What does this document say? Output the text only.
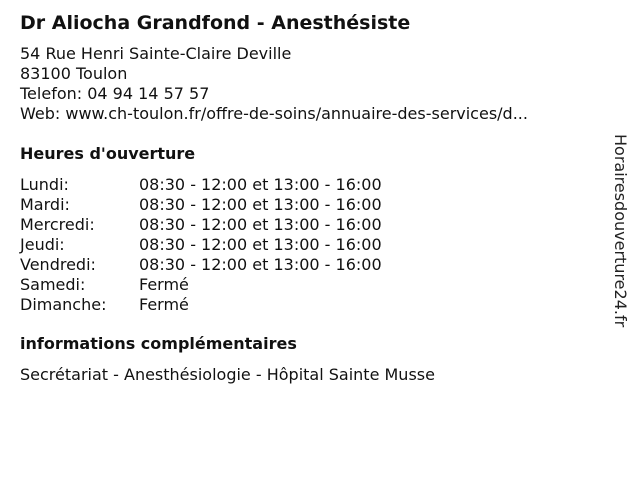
Dr Aliocha Grandfond - Anesthésiste
54 Rue Henri Sainte-Claire Deville
83100 Toulon
Telefon: 04 94 14 57 57
Web: www.ch-toulon.fr/offre-de-soins/annuaire-des-services/d...
Heures d'ouverture
Lundi:	08:30 - 12:00 et 13:00 - 16:00
Mardi:	08:30 - 12:00 et 13:00 - 16:00
Mercredi:	08:30 - 12:00 et 13:00 - 16:00
Jeudi:	08:30 - 12:00 et 13:00 - 16:00
Vendredi:	08:30 - 12:00 et 13:00 - 16:00
Samedi:	Fermé
Dimanche:	Fermé
informations complémentaires
Secrétariat - Anesthésiologie - Hôpital Sainte Musse
Horairesdouverture24.fr
